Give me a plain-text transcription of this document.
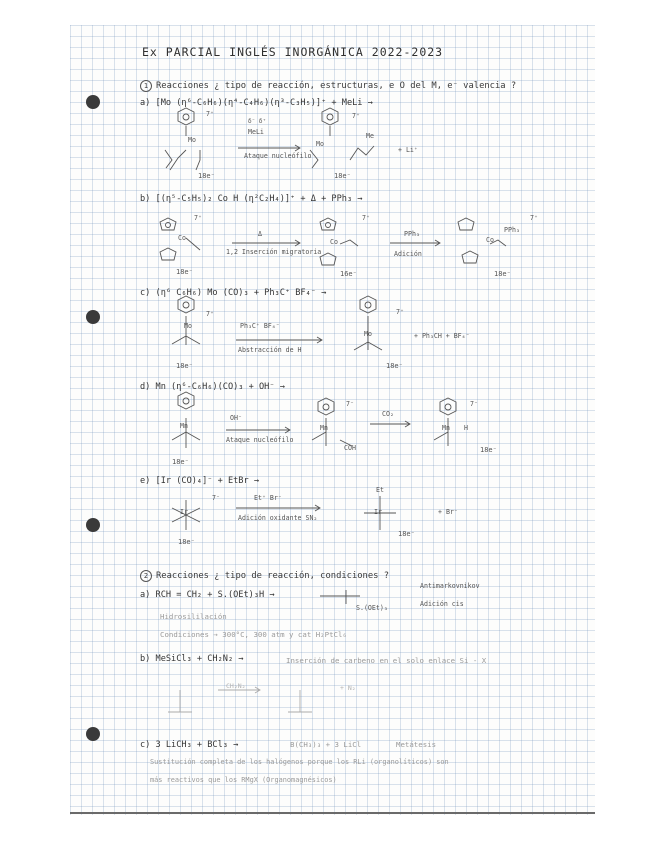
Ex PARCIAL INGLÉS INORGÁNICA 2022-2023
1 Reacciones ¿ tipo de reacción, estructuras, e O del M, e⁻ valencia ?
a) [Mo (η⁶-C₆H₆)(η⁴-C₄H₆)(η³-C₃H₅)]⁺ + MeLi →
7⁺
Mo
δ⁻ δ⁺
MeLi
Ataque nucleófilo
18e⁻
Mo
7⁺
Me
+ Li⁺
18e⁻
b) [(η⁵-C₅H₅)₂ Co H (η²C₂H₄)]⁺ + Δ + PPh₃ →
Co
7⁺
Δ
1,2 Inserción migratoria
18e⁻
Co
7⁺
16e⁻
PPh₃
Adición
Co
PPh₃
7⁺
18e⁻
c) (η⁶ C₆H₆) Mo (CO)₃ + Ph₃C⁺ BF₄⁻ →
Mo
7⁺
Ph₃C⁺ BF₄⁻
Abstracción de H
18e⁻
Mo
7⁺
+ Ph₃CH + BF₄⁻
18e⁻
d) Mn (η⁶-C₆H₆)(CO)₃ + OH⁻ →
Mn
OH⁻
Ataque nucleófilo
18e⁻
Mn
7⁻
COH
CO₂
Mn H
7⁻
18e⁻
e) [Ir (CO)₄]⁻ + EtBr →
Ir
7⁻	Et⁺ Br⁻
Adición oxidante SN₂
18e⁻
Et
Ir	+ Br⁻
18e⁻
2 Reacciones ¿ tipo de reacción, condiciones ?
a) RCH = CH₂ + S.(OEt)₃H →
S.(OEt)₃
Antimarkovnikov
Adición cis
Hidrosililación
Condiciones → 300°C, 300 atm y cat H₂PtCl₆
b) MeSiCl₃ + CH₂N₂ →	Inserción de carbeno en el solo enlace Si - X
CH₂N₂	+ N₂
c) 3 LiCH₃ + BCl₃ →	B(CH₃)₃ + 3 LiCl	Metátesis
Sustitución completa de los halógenos porque los RLi (organolíticos) son
más reactivos que los RMgX (Organomagnésicos)
